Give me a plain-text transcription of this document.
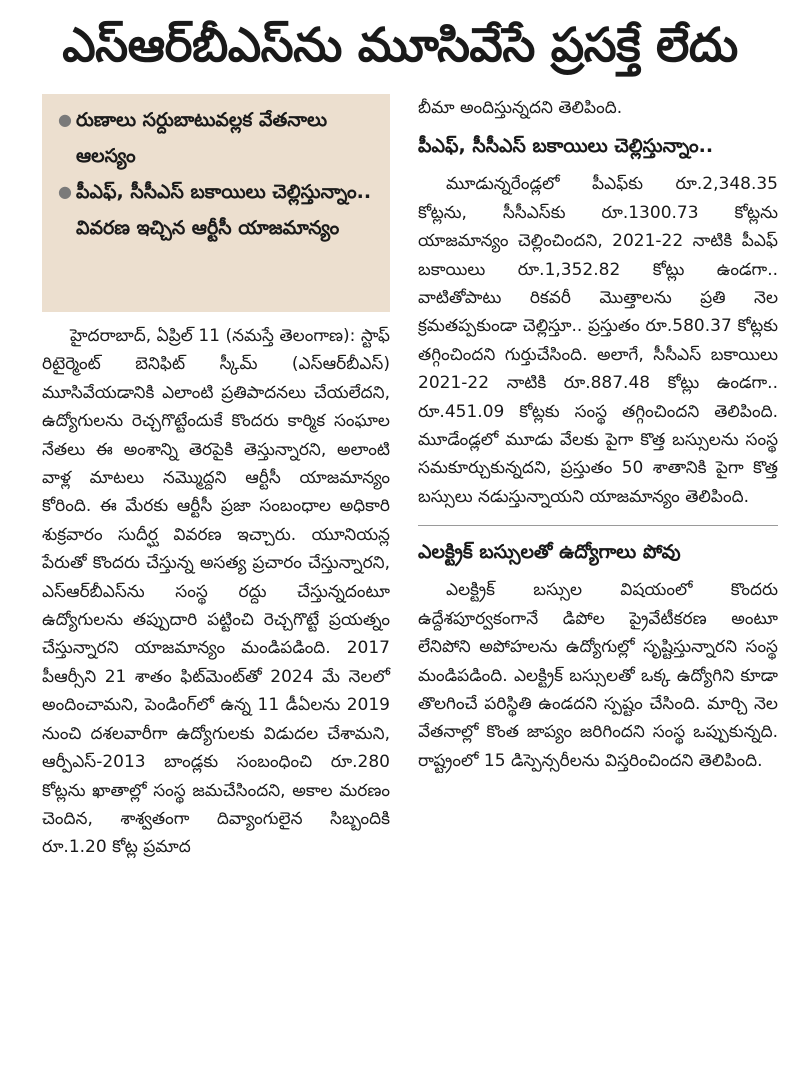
ఎస్‌ఆర్‌బీఎస్‌ను మూసివేసే ప్రసక్తే లేదు
● రుణాలు సర్దుబాటువల్లక వేతనాలు ఆలస్యం
● పీఎఫ్‌, సీసీఎస్‌ బకాయిలు చెల్లిస్తున్నాం.. వివరణ ఇచ్చిన ఆర్టీసీ యాజమాన్యం

హైదరాబాద్‌, ఏప్రిల్‌ 11 (నమస్తే తెలంగాణ): స్టాఫ్‌ రిటైర్మెంట్‌ బెనిఫిట్‌ స్కీమ్‌ (ఎస్‌ఆర్‌బీఎస్‌) మూసివేయడానికి ఎలాంటి ప్రతిపాదనలు చేయలేదని, ఉద్యోగులను రెచ్చగొట్టేందుకే కొందరు కార్మిక సంఘాల నేతలు ఈ అంశాన్ని తెరపైకి తెస్తున్నారని, అలాంటి వాళ్ల మాటలు నమ్మొద్దని ఆర్టీసీ యాజమాన్యం కోరింది. ఈ మేరకు ఆర్టీసీ ప్రజా సంబంధాల అధికారి శుక్రవారం సుదీర్ఘ వివరణ ఇచ్చారు. యూనియన్ల పేరుతో కొందరు చేస్తున్న అసత్య ప్రచారం చేస్తున్నారని, ఎస్‌ఆర్‌బీఎస్‌ను సంస్థ రద్దు చేస్తున్నదంటూ ఉద్యోగులను తప్పుదారి పట్టించి రెచ్చగొట్టే ప్రయత్నం చేస్తున్నారని యాజమాన్యం మండిపడింది. 2017 పీఆర్సీని 21 శాతం ఫిట్‌మెంట్‌తో 2024 మే నెలలో అందించామని, పెండింగ్‌లో ఉన్న 11 డీఏలను 2019 నుంచి దశలవారీగా ఉద్యోగులకు విడుదల చేశామని, ఆర్పీఎస్‌-2013 బాండ్లకు సంబంధించి రూ.280 కోట్లను ఖాతాల్లో సంస్థ జమచేసిందని, అకాల మరణం చెందిన, శాశ్వతంగా దివ్యాంగులైన సిబ్బందికి రూ.1.20 కోట్ల ప్రమాద

బీమా అందిస్తున్నదని తెలిపింది.

పీఎఫ్‌, సీసీఎస్‌ బకాయిలు చెల్లిస్తున్నాం..

మూడున్నరేండ్లలో పీఎఫ్‌కు రూ.2,348.35 కోట్లను, సీసీఎస్‌కు రూ.1300.73 కోట్లను యాజమాన్యం చెల్లించిందని, 2021-22 నాటికి పీఎఫ్‌ బకాయిలు రూ.1,352.82 కోట్లు ఉండగా.. వాటితోపాటు రికవరీ మొత్తాలను ప్రతి నెల క్రమతప్పకుండా చెల్లిస్తూ.. ప్రస్తుతం రూ.580.37 కోట్లకు తగ్గించిందని గుర్తుచేసింది. అలాగే, సీసీఎస్‌ బకాయిలు 2021-22 నాటికి రూ.887.48 కోట్లు ఉండగా.. రూ.451.09 కోట్లకు సంస్థ తగ్గించిందని తెలిపింది. మూడేండ్లలో మూడు వేలకు పైగా కొత్త బస్సులను సంస్థ సమకూర్చుకున్నదని, ప్రస్తుతం 50 శాతానికి పైగా కొత్త బస్సులు నడుస్తున్నాయని యాజమాన్యం తెలిపింది.

ఎలక్ట్రిక్‌ బస్సులతో ఉద్యోగాలు పోవు

ఎలక్ట్రిక్‌ బస్సుల విషయంలో కొందరు ఉద్దేశపూర్వకంగానే డిపోల ప్రైవేటీకరణ అంటూ లేనిపోని అపోహలను ఉద్యోగుల్లో సృష్టిస్తున్నారని సంస్థ మండిపడింది. ఎలక్ట్రిక్‌ బస్సులతో ఒక్క ఉద్యోగిని కూడా తొలగించే పరిస్థితి ఉండదని స్పష్టం చేసింది. మార్చి నెల వేతనాల్లో కొంత జాప్యం జరిగిందని సంస్థ ఒప్పుకున్నది. రాష్ట్రంలో 15 డిస్పెన్సరీలను విస్తరించిందని తెలిపింది.
